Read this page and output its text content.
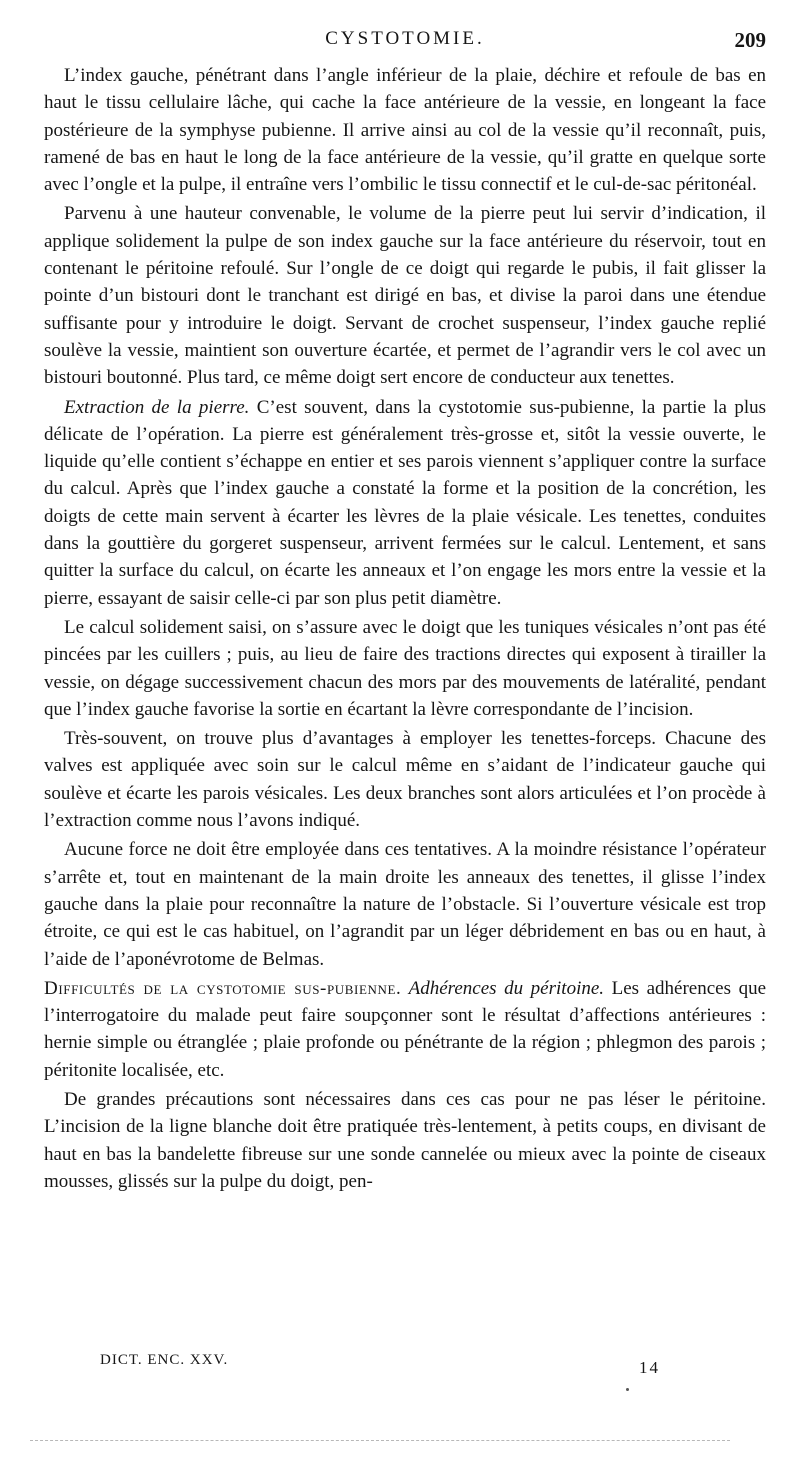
CYSTOTOMIE.	209

L’index gauche, pénétrant dans l’angle inférieur de la plaie, déchire et refoule de bas en haut le tissu cellulaire lâche, qui cache la face antérieure de la vessie, en longeant la face postérieure de la symphyse pubienne. Il arrive ainsi au col de la vessie qu’il reconnaît, puis, ramené de bas en haut le long de la face antérieure de la vessie, qu’il gratte en quelque sorte avec l’ongle et la pulpe, il entraîne vers l’ombilic le tissu connectif et le cul-de-sac péritonéal.

Parvenu à une hauteur convenable, le volume de la pierre peut lui servir d’indication, il applique solidement la pulpe de son index gauche sur la face antérieure du réservoir, tout en contenant le péritoine refoulé. Sur l’ongle de ce doigt qui regarde le pubis, il fait glisser la pointe d’un bistouri dont le tranchant est dirigé en bas, et divise la paroi dans une étendue suffisante pour y introduire le doigt. Servant de crochet suspenseur, l’index gauche replié soulève la vessie, maintient son ouverture écartée, et permet de l’agrandir vers le col avec un bistouri boutonné. Plus tard, ce même doigt sert encore de conducteur aux tenettes.

Extraction de la pierre. C’est souvent, dans la cystotomie sus-pubienne, la partie la plus délicate de l’opération. La pierre est généralement très-grosse et, sitôt la vessie ouverte, le liquide qu’elle contient s’échappe en entier et ses parois viennent s’appliquer contre la surface du calcul. Après que l’index gauche a constaté la forme et la position de la concrétion, les doigts de cette main servent à écarter les lèvres de la plaie vésicale. Les tenettes, conduites dans la gouttière du gorgeret suspenseur, arrivent fermées sur le calcul. Lentement, et sans quitter la surface du calcul, on écarte les anneaux et l’on engage les mors entre la vessie et la pierre, essayant de saisir celle-ci par son plus petit diamètre.

Le calcul solidement saisi, on s’assure avec le doigt que les tuniques vésicales n’ont pas été pincées par les cuillers ; puis, au lieu de faire des tractions directes qui exposent à tirailler la vessie, on dégage successivement chacun des mors par des mouvements de latéralité, pendant que l’index gauche favorise la sortie en écartant la lèvre correspondante de l’incision.

Très-souvent, on trouve plus d’avantages à employer les tenettes-forceps. Chacune des valves est appliquée avec soin sur le calcul même en s’aidant de l’indicateur gauche qui soulève et écarte les parois vésicales. Les deux branches sont alors articulées et l’on procède à l’extraction comme nous l’avons indiqué.

Aucune force ne doit être employée dans ces tentatives. A la moindre résistance l’opérateur s’arrête et, tout en maintenant de la main droite les anneaux des tenettes, il glisse l’index gauche dans la plaie pour reconnaître la nature de l’obstacle. Si l’ouverture vésicale est trop étroite, ce qui est le cas habituel, on l’agrandit par un léger débridement en bas ou en haut, à l’aide de l’aponévrotome de Belmas.

Difficultés de la cystotomie sus-pubienne. Adhérences du péritoine. Les adhérences que l’interrogatoire du malade peut faire soupçonner sont le résultat d’affections antérieures : hernie simple ou étranglée ; plaie profonde ou pénétrante de la région ; phlegmon des parois ; péritonite localisée, etc.

De grandes précautions sont nécessaires dans ces cas pour ne pas léser le péritoine. L’incision de la ligne blanche doit être pratiquée très-lentement, à petits coups, en divisant de haut en bas la bandelette fibreuse sur une sonde cannelée ou mieux avec la pointe de ciseaux mousses, glissés sur la pulpe du doigt, pen-

DICT. ENC. XXV.	14
